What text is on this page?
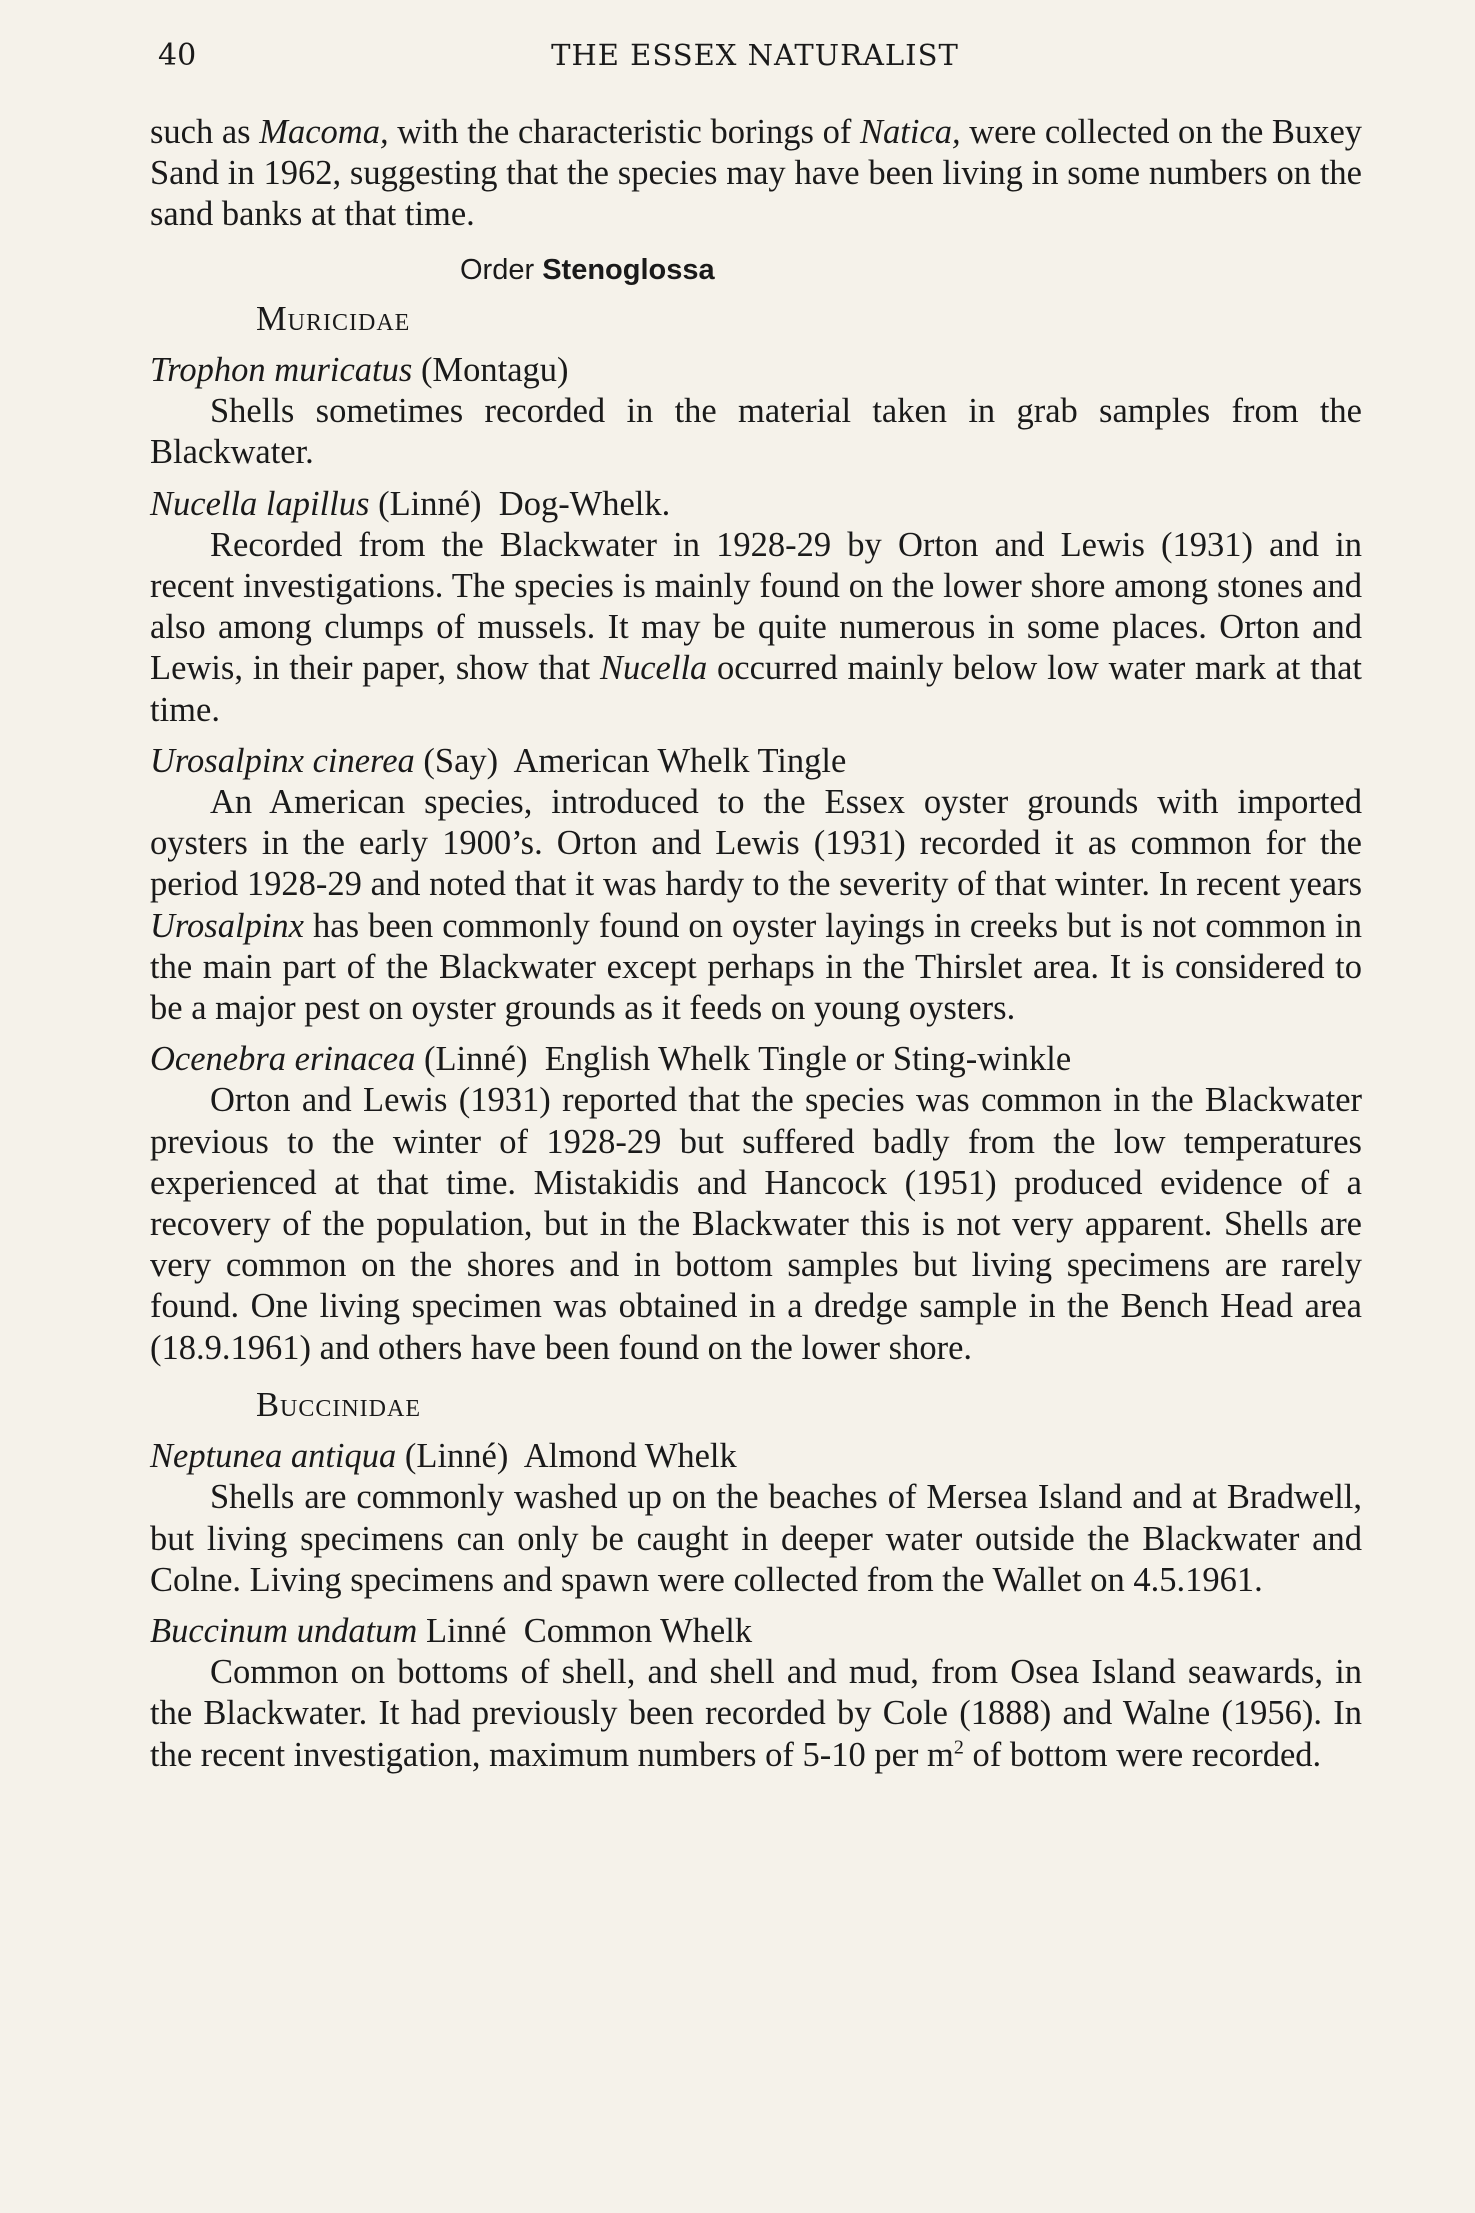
40	THE ESSEX NATURALIST

such as Macoma, with the characteristic borings of Natica, were collected on the Buxey Sand in 1962, suggesting that the species may have been living in some numbers on the sand banks at that time.

Order Stenoglossa
Muricidae
Trophon muricatus (Montagu)

Shells sometimes recorded in the material taken in grab samples from the Blackwater.

Nucella lapillus (Linné)  Dog-Whelk.

Recorded from the Blackwater in 1928-29 by Orton and Lewis (1931) and in recent investigations. The species is mainly found on the lower shore among stones and also among clumps of mussels. It may be quite numerous in some places. Orton and Lewis, in their paper, show that Nucella occurred mainly below low water mark at that time.

Urosalpinx cinerea (Say)  American Whelk Tingle

An American species, introduced to the Essex oyster grounds with imported oysters in the early 1900’s. Orton and Lewis (1931) recorded it as common for the period 1928-29 and noted that it was hardy to the severity of that winter. In recent years Urosalpinx has been commonly found on oyster layings in creeks but is not common in the main part of the Blackwater except perhaps in the Thirslet area. It is considered to be a major pest on oyster grounds as it feeds on young oysters.

Ocenebra erinacea (Linné)  English Whelk Tingle or Sting-winkle

Orton and Lewis (1931) reported that the species was common in the Blackwater previous to the winter of 1928-29 but suffered badly from the low temperatures experienced at that time. Mistakidis and Hancock (1951) produced evidence of a recovery of the population, but in the Blackwater this is not very apparent. Shells are very common on the shores and in bottom samples but living specimens are rarely found. One living specimen was obtained in a dredge sample in the Bench Head area (18.9.1961) and others have been found on the lower shore.

Buccinidae
Neptunea antiqua (Linné)  Almond Whelk

Shells are commonly washed up on the beaches of Mersea Island and at Bradwell, but living specimens can only be caught in deeper water outside the Blackwater and Colne. Living specimens and spawn were collected from the Wallet on 4.5.1961.

Buccinum undatum Linné  Common Whelk

Common on bottoms of shell, and shell and mud, from Osea Island seawards, in the Blackwater. It had previously been recorded by Cole (1888) and Walne (1956). In the recent investigation, maximum numbers of 5-10 per $m^2$ of bottom were recorded.
